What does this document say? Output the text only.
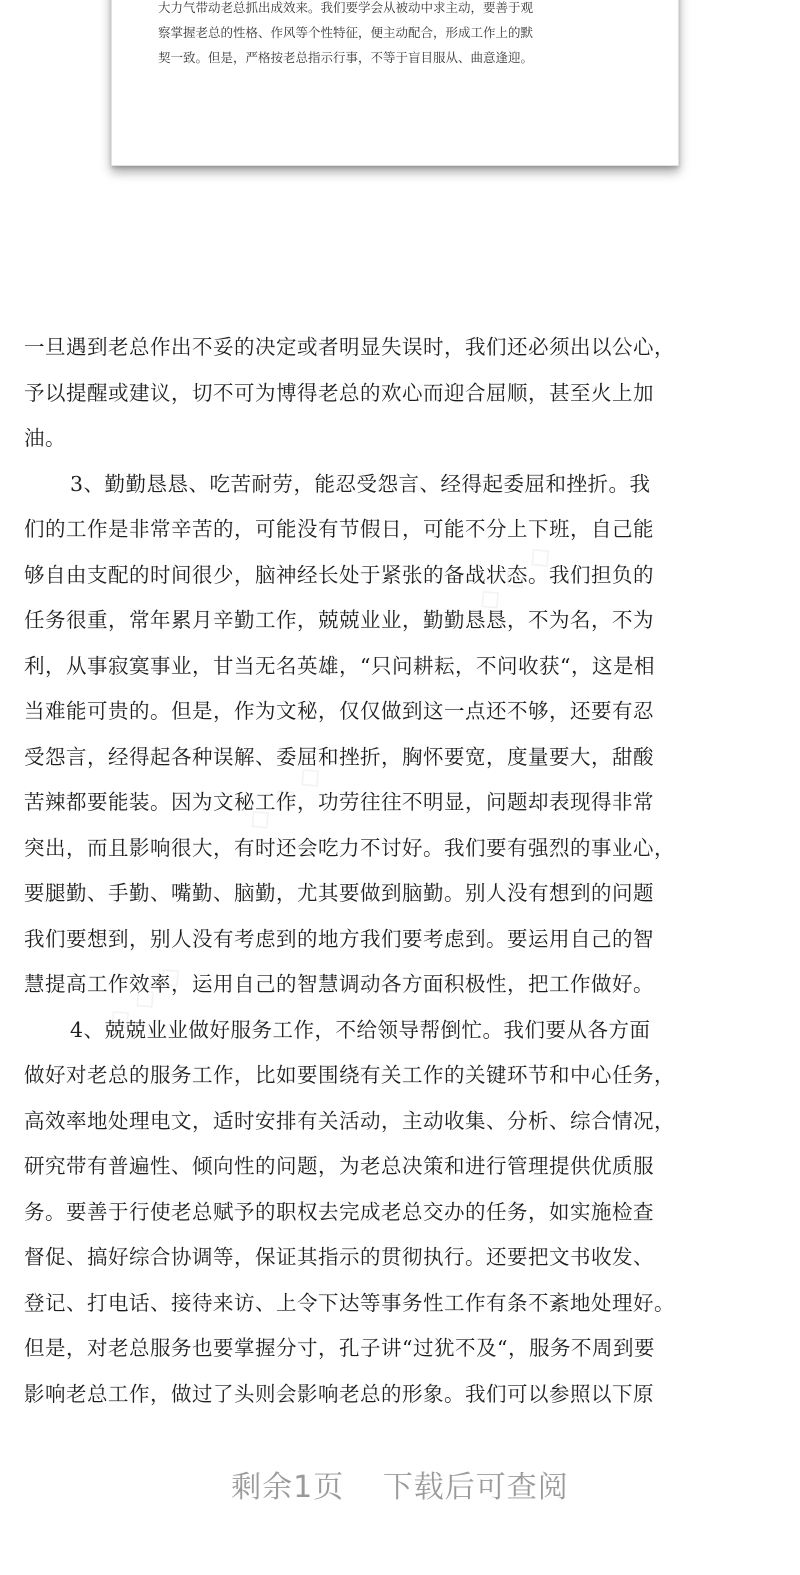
大力气带动老总抓出成效来。我们要学会从被动中求主动，要善于观
察掌握老总的性格、作风等个性特征，便主动配合，形成工作上的默
契一致。但是，严格按老总指示行事，不等于盲目服从、曲意逢迎。
◇ ◇ ◇
◇ ◇ ◇
◇ ◇ ◇
一旦遇到老总作出不妥的决定或者明显失误时，我们还必须出以公心，
予以提醒或建议，切不可为博得老总的欢心而迎合屈顺，甚至火上加
油。
3、勤勤恳恳、吃苦耐劳，能忍受怨言、经得起委屈和挫折。我
们的工作是非常辛苦的，可能没有节假日，可能不分上下班，自己能
够自由支配的时间很少，脑神经长处于紧张的备战状态。我们担负的
任务很重，常年累月辛勤工作，兢兢业业，勤勤恳恳，不为名，不为
利，从事寂寞事业，甘当无名英雄，“只问耕耘，不问收获“，这是相
当难能可贵的。但是，作为文秘，仅仅做到这一点还不够，还要有忍
受怨言，经得起各种误解、委屈和挫折，胸怀要宽，度量要大，甜酸
苦辣都要能装。因为文秘工作，功劳往往不明显，问题却表现得非常
突出，而且影响很大，有时还会吃力不讨好。我们要有强烈的事业心，
要腿勤、手勤、嘴勤、脑勤，尤其要做到脑勤。别人没有想到的问题
我们要想到，别人没有考虑到的地方我们要考虑到。要运用自己的智
慧提高工作效率，运用自己的智慧调动各方面积极性，把工作做好。
4、兢兢业业做好服务工作，不给领导帮倒忙。我们要从各方面
做好对老总的服务工作，比如要围绕有关工作的关键环节和中心任务，
高效率地处理电文，适时安排有关活动，主动收集、分析、综合情况，
研究带有普遍性、倾向性的问题，为老总决策和进行管理提供优质服
务。要善于行使老总赋予的职权去完成老总交办的任务，如实施检查
督促、搞好综合协调等，保证其指示的贯彻执行。还要把文书收发、
登记、打电话、接待来访、上令下达等事务性工作有条不紊地处理好。
但是，对老总服务也要掌握分寸，孔子讲“过犹不及“，服务不周到要
影响老总工作，做过了头则会影响老总的形象。我们可以参照以下原
剩余1页 下载后可查阅
